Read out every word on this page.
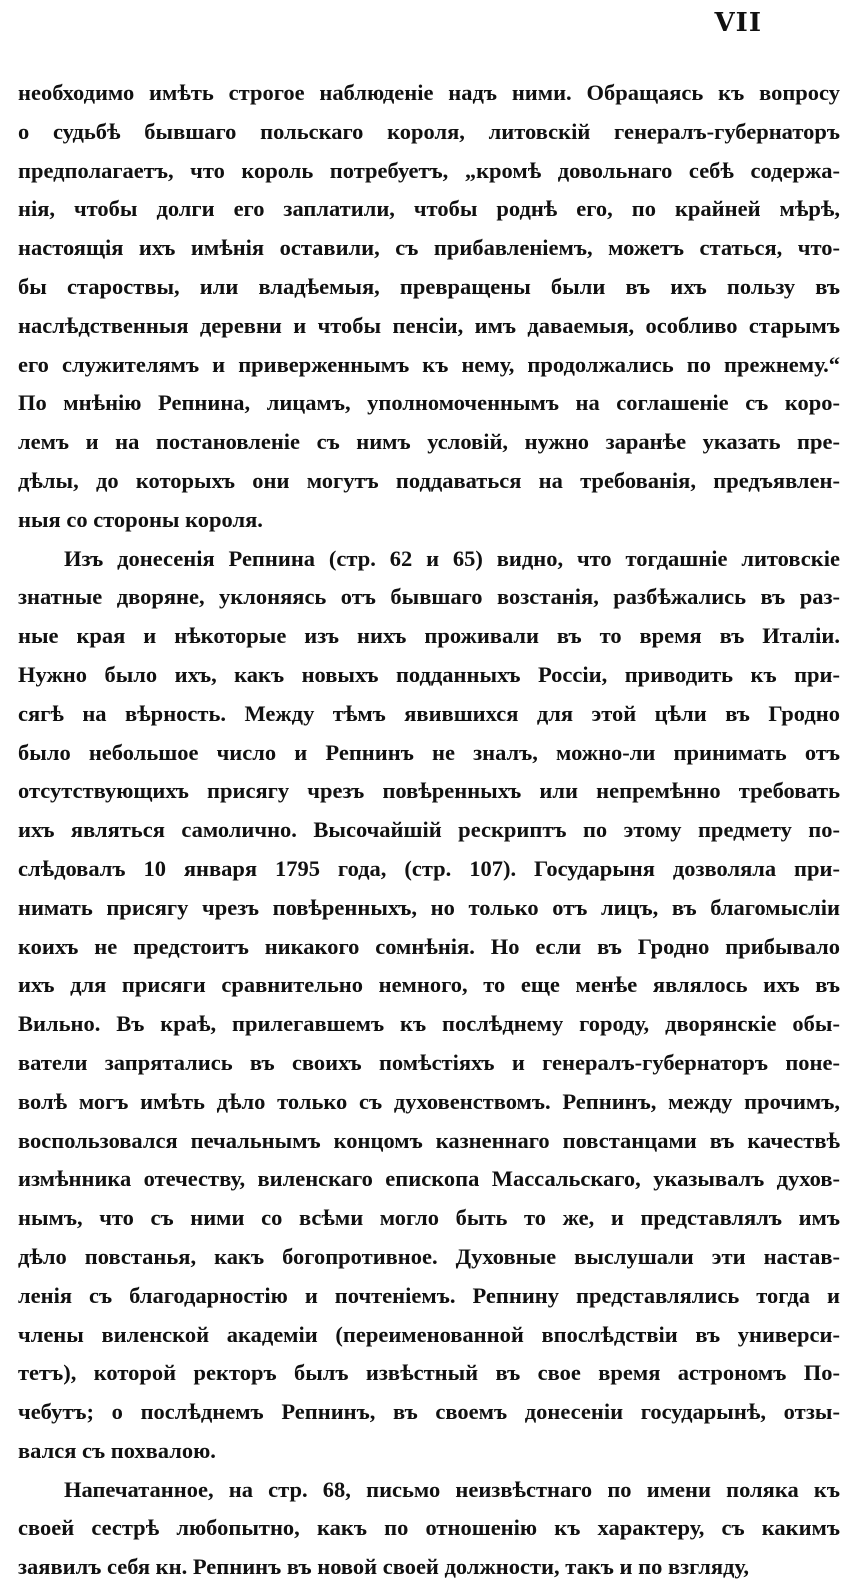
VII
необходимо имѣть строгое наблюденіе надъ ними. Обращаясь къ вопросу
о судьбѣ бывшаго польскаго короля, литовскій генералъ-губернаторъ
предполагаетъ, что король потребуетъ, „кромѣ довольнаго себѣ содержа-
нія, чтобы долги его заплатили, чтобы роднѣ его, по крайней мѣрѣ,
настоящія ихъ имѣнія оставили, съ прибавленіемъ, можетъ статься, что-
бы староствы, или владѣемыя, превращены были въ ихъ пользу въ
наслѣдственныя деревни и чтобы пенсіи, имъ даваемыя, особливо старымъ
его служителямъ и приверженнымъ къ нему, продолжались по прежнему.“
По мнѣнію Репнина, лицамъ, уполномоченнымъ на соглашеніе съ коро-
лемъ и на постановленіе съ нимъ условій, нужно заранѣе указать пре-
дѣлы, до которыхъ они могутъ поддаваться на требованія, предъявлен-
ныя со стороны короля.
Изъ донесенія Репнина (стр. 62 и 65) видно, что тогдашніе литовскіе
знатные дворяне, уклоняясь отъ бывшаго возстанія, разбѣжались въ раз-
ные края и нѣкоторые изъ нихъ проживали въ то время въ Италіи.
Нужно было ихъ, какъ новыхъ подданныхъ Россіи, приводить къ при-
сягѣ на вѣрность. Между тѣмъ явившихся для этой цѣли въ Гродно
было небольшое число и Репнинъ не зналъ, можно-ли принимать отъ
отсутствующихъ присягу чрезъ повѣренныхъ или непремѣнно требовать
ихъ являться самолично. Высочайшій рескриптъ по этому предмету по-
слѣдовалъ 10 января 1795 года, (стр. 107). Государыня дозволяла при-
нимать присягу чрезъ повѣренныхъ, но только отъ лицъ, въ благомысліи
коихъ не предстоитъ никакого сомнѣнія. Но если въ Гродно прибывало
ихъ для присяги сравнительно немного, то еще менѣе являлось ихъ въ
Вильно. Въ краѣ, прилегавшемъ къ послѣднему городу, дворянскіе обы-
ватели запрятались въ своихъ помѣстіяхъ и генералъ-губернаторъ поне-
волѣ могъ имѣть дѣло только съ духовенствомъ. Репнинъ, между прочимъ,
воспользовался печальнымъ концомъ казненнаго повстанцами въ качествѣ
измѣнника отечеству, виленскаго епископа Массальскаго, указывалъ духов-
нымъ, что съ ними со всѣми могло быть то же, и представлялъ имъ
дѣло повстанья, какъ богопротивное. Духовные выслушали эти настав-
ленія съ благодарностію и почтеніемъ. Репнину представлялись тогда и
члены виленской академіи (переименованной впослѣдствіи въ универси-
тетъ), которой ректоръ былъ извѣстный въ свое время астрономъ По-
чебутъ; о послѣднемъ Репнинъ, въ своемъ донесеніи государынѣ, отзы-
вался съ похвалою.
Напечатанное, на стр. 68, письмо неизвѣстнаго по имени поляка къ
своей сестрѣ любопытно, какъ по отношенію къ характеру, съ какимъ
заявилъ себя кн. Репнинъ въ новой своей должности, такъ и по взгляду,
